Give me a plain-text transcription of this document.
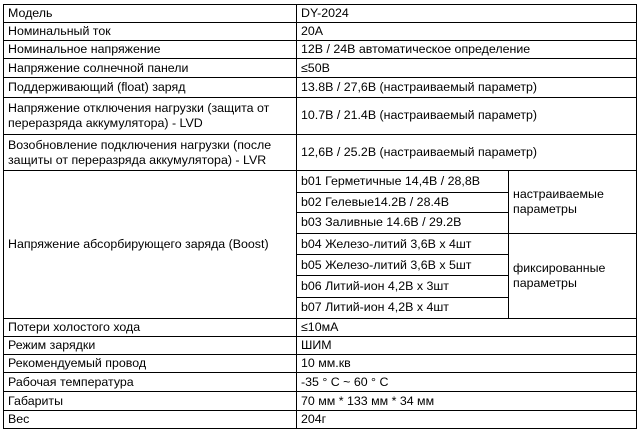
Модель	DY-2024	
Номинальный ток	20A	
Номинальное напряжение	12В / 24В автоматическое определение	
Напряжение солнечной панели	≤50В	
Поддерживающий (float) заряд	13.8В / 27,6В (настраиваемый параметр)	
Напряжение отключения нагрузки (защита от переразряда аккумулятора) - LVD	10.7В / 21.4В (настраиваемый параметр)	
Возобновление подключения нагрузки (после защиты от переразряда аккумулятора) - LVR	12,6В / 25.2В (настраиваемый параметр)	
Напряжение абсорбирующего заряда (Boost)	b01 Герметичные 14,4В / 28,8В	настраиваемые параметры
	b02 Гелевые14.2В / 28.4В	
	b03 Заливные 14.6В / 29.2В	
	b04 Железо-литий 3,6В х 4шт	фиксированные параметры
	b05 Железо-литий 3,6В х 5шт	
	b06 Литий-ион 4,2В х 3шт	
	b07 Литий-ион 4,2В х 4шт	
Потери холостого хода	≤10мА	
Режим зарядки	ШИМ	
Рекомендуемый провод	10 мм.кв	
Рабочая температура	-35 ° C ~ 60 ° C	
Габариты	70 мм * 133 мм * 34 мм	
Вес	204г	
